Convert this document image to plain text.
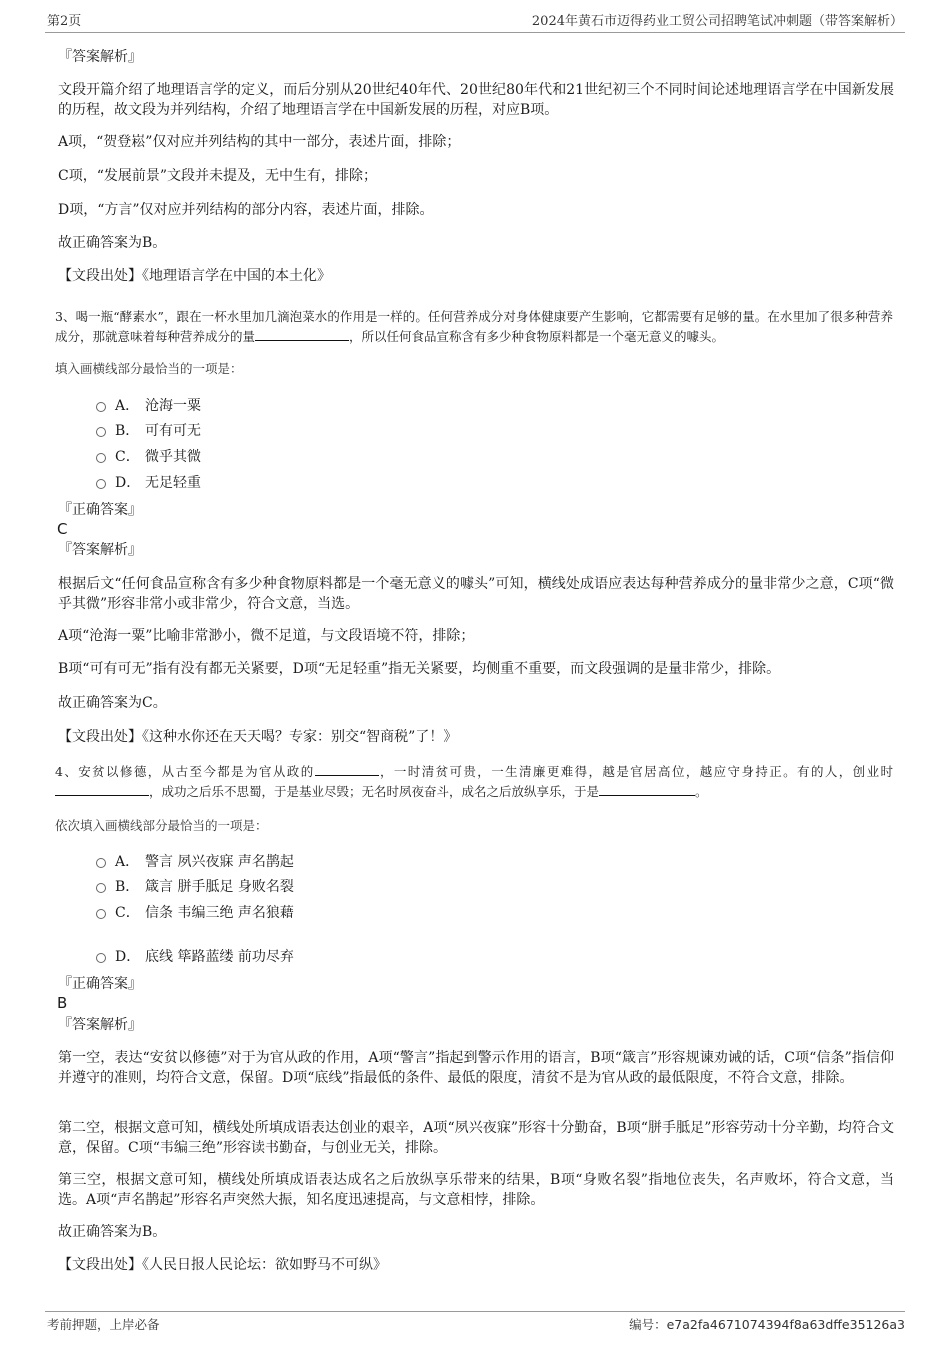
第2页	2024年黄石市迈得药业工贸公司招聘笔试冲刺题（带答案解析）
『答案解析』
文段开篇介绍了地理语言学的定义，而后分别从20世纪40年代、20世纪80年代和21世纪初三个不同时间论述地理语言学在中国新发展的历程，故文段为并列结构，介绍了地理语言学在中国新发展的历程，对应B项。
A项，“贺登崧”仅对应并列结构的其中一部分，表述片面，排除；
C项，“发展前景”文段并未提及，无中生有，排除；
D项，“方言”仅对应并列结构的部分内容，表述片面，排除。
故正确答案为B。
【文段出处】《地理语言学在中国的本土化》
3、喝一瓶“酵素水”，跟在一杯水里加几滴泡菜水的作用是一样的。任何营养成分对身体健康要产生影响，它都需要有足够的量。在水里加了很多种营养成分，那就意味着每种营养成分的量	，所以任何食品宣称含有多少种食物原料都是一个毫无意义的噱头。
填入画横线部分最恰当的一项是：
A． 沧海一粟
B． 可有可无
C． 微乎其微
D． 无足轻重
『正确答案』
C
『答案解析』
根据后文“任何食品宣称含有多少种食物原料都是一个毫无意义的噱头”可知，横线处成语应表达每种营养成分的量非常少之意，C项“微乎其微”形容非常小或非常少，符合文意，当选。
A项“沧海一粟”比喻非常渺小，微不足道，与文段语境不符，排除；
B项“可有可无”指有没有都无关紧要，D项“无足轻重”指无关紧要，均侧重不重要，而文段强调的是量非常少，排除。
故正确答案为C。
【文段出处】《这种水你还在天天喝？专家：别交“智商税”了！》
4、安贫以修德，从古至今都是为官从政的	，一时清贫可贵，一生清廉更难得，越是官居高位，越应守身持正。有的人，创业时，成功之后乐不思蜀，于是基业尽毁；无名时夙夜奋斗，成名之后放纵享乐，于是	。
依次填入画横线部分最恰当的一项是：
A． 警言 夙兴夜寐 声名鹊起
B． 箴言 胼手胝足 身败名裂
C． 信条 韦编三绝 声名狼藉
D． 底线 筚路蓝缕 前功尽弃
『正确答案』
B
『答案解析』
第一空，表达“安贫以修德”对于为官从政的作用，A项“警言”指起到警示作用的语言，B项“箴言”形容规谏劝诫的话，C项“信条”指信仰并遵守的准则，均符合文意，保留。D项“底线”指最低的条件、最低的限度，清贫不是为官从政的最低限度，不符合文意，排除。
第二空，根据文意可知，横线处所填成语表达创业的艰辛，A项“夙兴夜寐”形容十分勤奋，B项“胼手胝足”形容劳动十分辛勤，均符合文意，保留。C项“韦编三绝”形容读书勤奋，与创业无关，排除。
第三空，根据文意可知，横线处所填成语表达成名之后放纵享乐带来的结果，B项“身败名裂”指地位丧失，名声败坏，符合文意，当选。A项“声名鹊起”形容名声突然大振，知名度迅速提高，与文意相悖，排除。
故正确答案为B。
【文段出处】《人民日报人民论坛：欲如野马不可纵》
考前押题，上岸必备	编号：e7a2fa4671074394f8a63dffe35126a3
